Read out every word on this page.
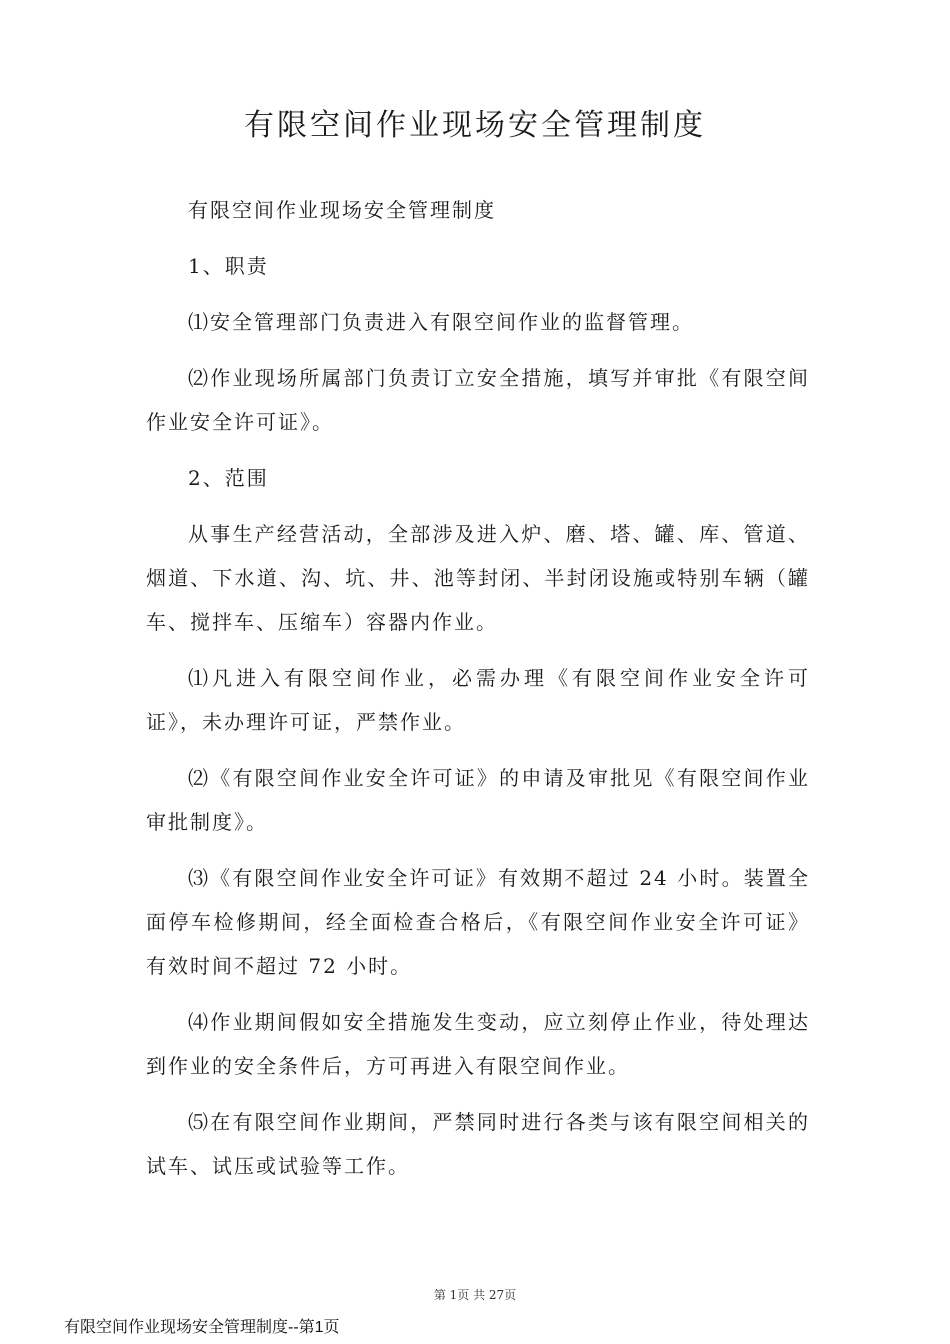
有限空间作业现场安全管理制度

有限空间作业现场安全管理制度

1、职责

⑴安全管理部门负责进入有限空间作业的监督管理。

⑵作业现场所属部门负责订立安全措施，填写并审批《有限空间作业安全许可证》。

2、范围

从事生产经营活动，全部涉及进入炉、磨、塔、罐、库、管道、烟道、下水道、沟、坑、井、池等封闭、半封闭设施或特别车辆（罐车、搅拌车、压缩车）容器内作业。

⑴凡进入有限空间作业，必需办理《有限空间作业安全许可证》，未办理许可证，严禁作业。

⑵《有限空间作业安全许可证》的申请及审批见《有限空间作业审批制度》。

⑶《有限空间作业安全许可证》有效期不超过 24 小时。装置全面停车检修期间，经全面检查合格后，《有限空间作业安全许可证》有效时间不超过 72 小时。

⑷作业期间假如安全措施发生变动，应立刻停止作业，待处理达到作业的安全条件后，方可再进入有限空间作业。

⑸在有限空间作业期间，严禁同时进行各类与该有限空间相关的试车、试压或试验等工作。

第 1页 共 27页
有限空间作业现场安全管理制度--第1页
